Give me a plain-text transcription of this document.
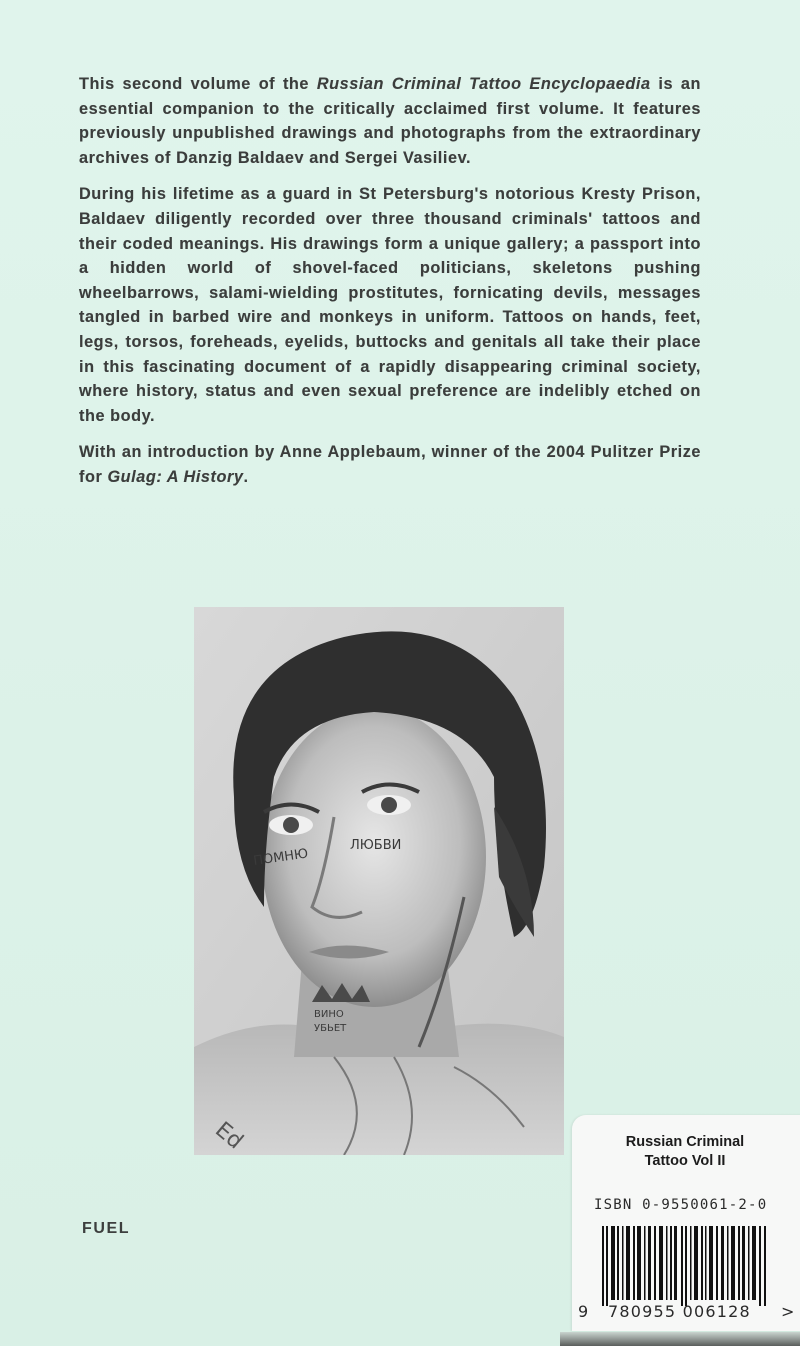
This second volume of the Russian Criminal Tattoo Encyclopaedia is an essential companion to the critically acclaimed first volume. It features previously unpublished drawings and photographs from the extraordinary archives of Danzig Baldaev and Sergei Vasiliev.

During his lifetime as a guard in St Petersburg's notorious Kresty Prison, Baldaev diligently recorded over three thousand criminals' tattoos and their coded meanings. His drawings form a unique gallery; a passport into a hidden world of shovel-faced politicians, skeletons pushing wheelbarrows, salami-wielding prostitutes, fornicating devils, messages tangled in barbed wire and monkeys in uniform. Tattoos on hands, feet, legs, torsos, foreheads, eyelids, buttocks and genitals all take their place in this fascinating document of a rapidly disappearing criminal society, where history, status and even sexual preference are indelibly etched on the body.

With an introduction by Anne Applebaum, winner of the 2004 Pulitzer Prize for Gulag: A History.

ПОМНЮ
ЛЮБВИ
ВИНО
УБЬЕТ
Ed
FUEL
Russian Criminal
Tattoo Vol II
ISBN 0-9550061-2-0
9 780955 006128 >
